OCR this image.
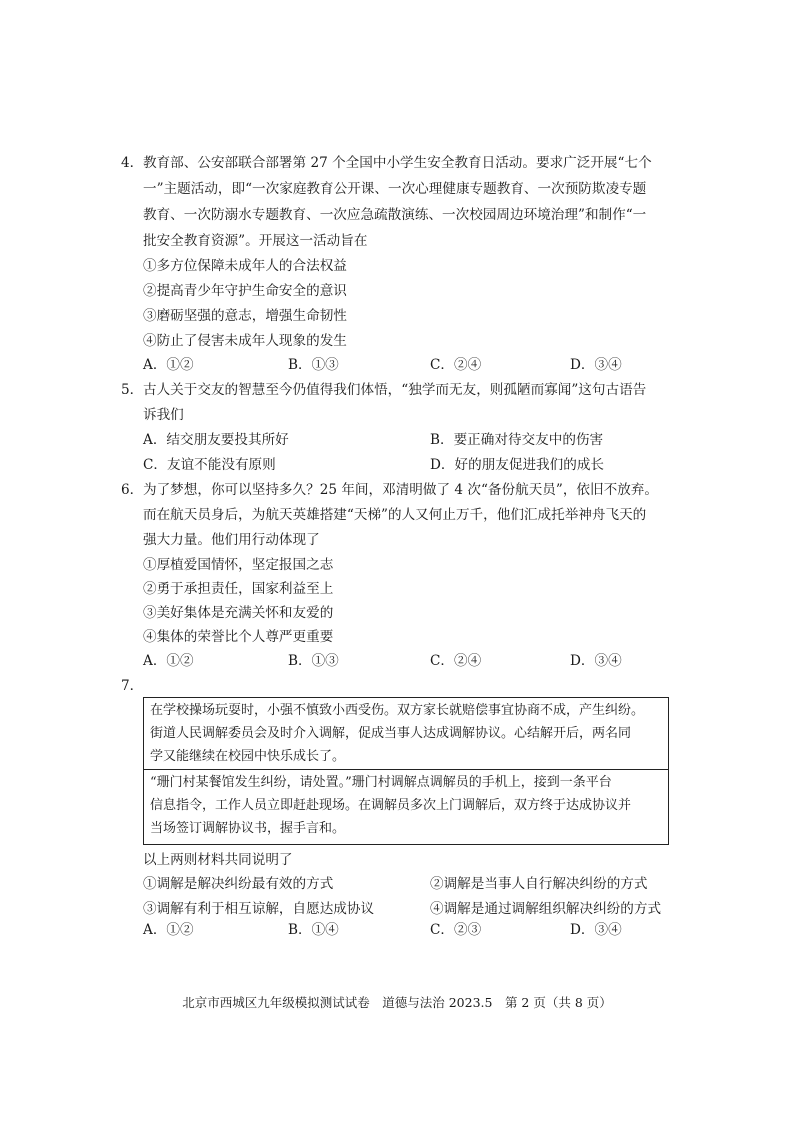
4． 教育部、公安部联合部署第 27 个全国中小学生安全教育日活动。要求广泛开展“七个
一”主题活动，即“一次家庭教育公开课、一次心理健康专题教育、一次预防欺凌专题
教育、一次防溺水专题教育、一次应急疏散演练、一次校园周边环境治理”和制作“一
批安全教育资源”。开展这一活动旨在
①多方位保障未成年人的合法权益
②提高青少年守护生命安全的意识
③磨砺坚强的意志，增强生命韧性
④防止了侵害未成年人现象的发生
A．①②	B．①③	C．②④	D．③④
5． 古人关于交友的智慧至今仍值得我们体悟，“独学而无友，则孤陋而寡闻”这句古语告
诉我们
A．结交朋友要投其所好	B．要正确对待交友中的伤害
C．友谊不能没有原则	D．好的朋友促进我们的成长
6． 为了梦想，你可以坚持多久？25 年间，邓清明做了 4 次“备份航天员”，依旧不放弃。
而在航天员身后，为航天英雄搭建“天梯”的人又何止万千，他们汇成托举神舟飞天的
强大力量。他们用行动体现了
①厚植爱国情怀，坚定报国之志
②勇于承担责任，国家利益至上
③美好集体是充满关怀和友爱的
④集体的荣誉比个人尊严更重要
A．①②	B．①③	C．②④	D．③④
7．
在学校操场玩耍时，小强不慎致小西受伤。双方家长就赔偿事宜协商不成，产生纠纷。
街道人民调解委员会及时介入调解，促成当事人达成调解协议。心结解开后，两名同
学又能继续在校园中快乐成长了。
“珊门村某餐馆发生纠纷，请处置。”珊门村调解点调解员的手机上，接到一条平台
信息指令，工作人员立即赶赴现场。在调解员多次上门调解后，双方终于达成协议并
当场签订调解协议书，握手言和。
以上两则材料共同说明了
①调解是解决纠纷最有效的方式	②调解是当事人自行解决纠纷的方式
③调解有利于相互谅解，自愿达成协议	④调解是通过调解组织解决纠纷的方式
A．①②	B．①④	C．②③	D．③④
北京市西城区九年级模拟测试试卷　道德与法治 2023.5　第 2 页（共 8 页）
